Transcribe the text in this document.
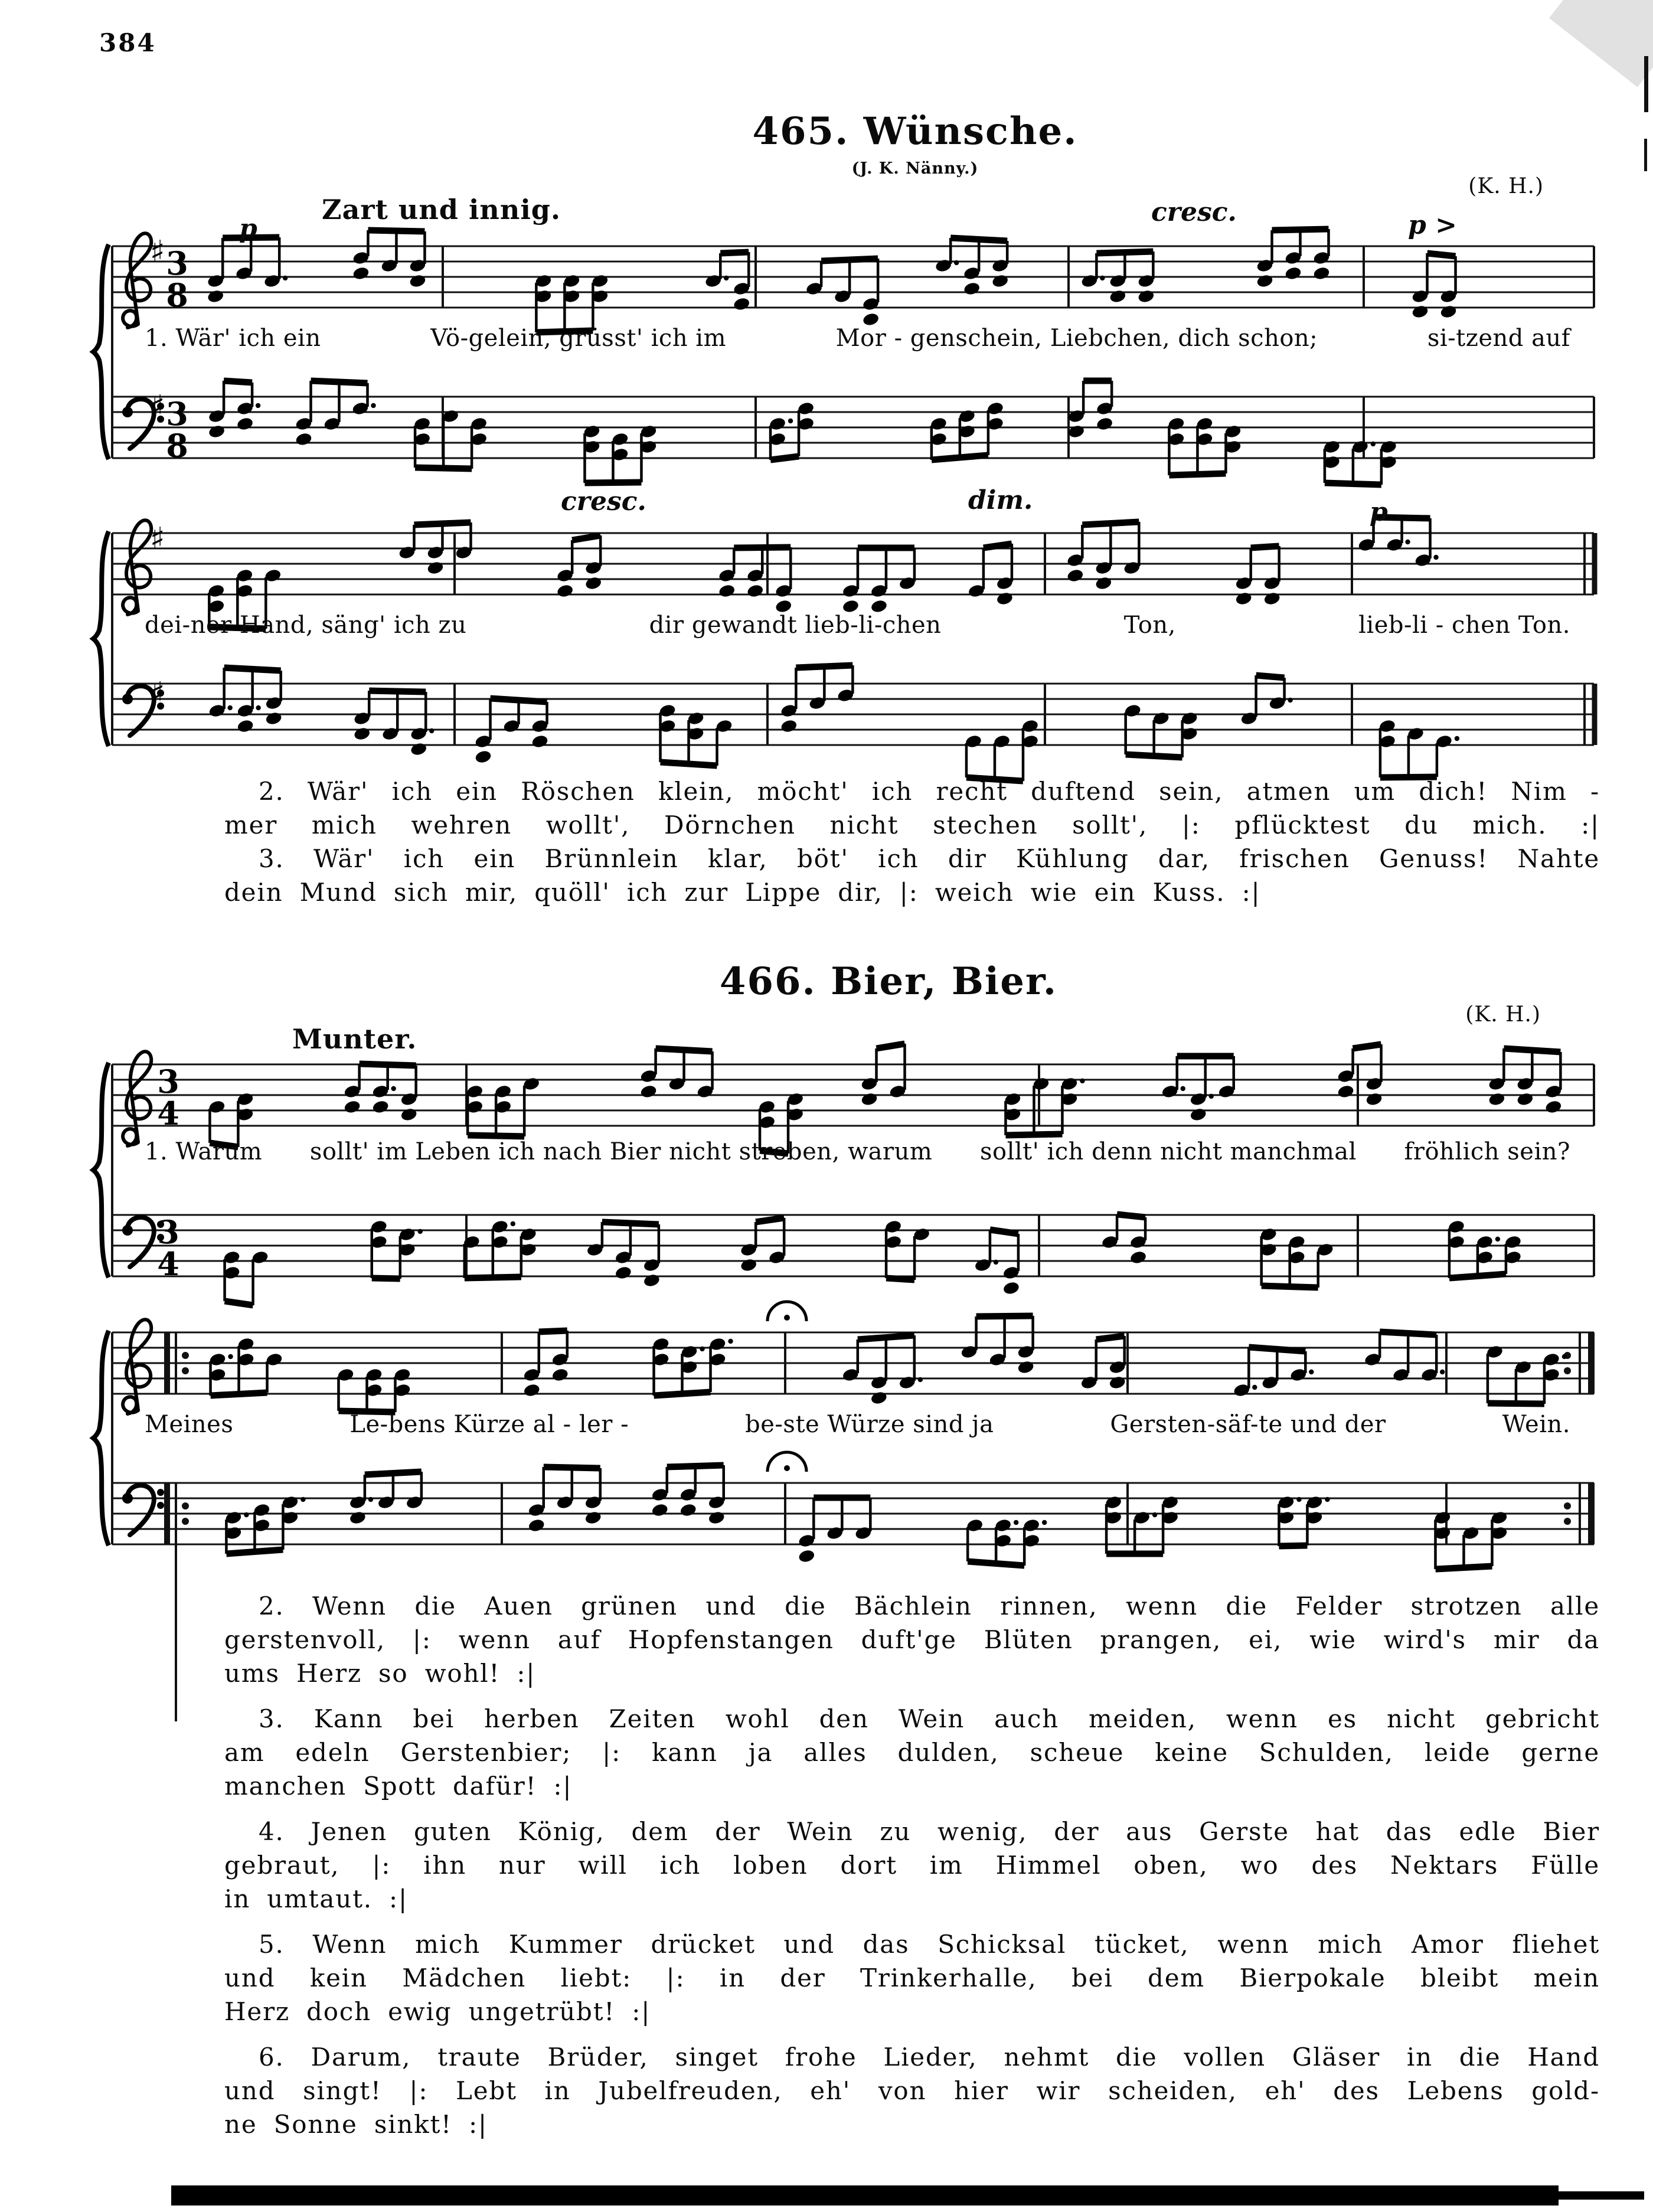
384
465. Wünsche.
(J. K. Nänny.)
(K. H.)
Zart und innig.
♯
♯
3
8
3
8
p
cresc.	p >
1. Wär' ich ein	Vö-gelein, grüsst' ich im	Mor - genschein, Liebchen, dich schon;	si-tzend auf
♯
♯
cresc.	dim.	p
dei-ner Hand, säng' ich zu	dir gewandt lieb-li-chen	Ton,	lieb-li - chen Ton.
2. Wär' ich ein Röschen klein, möcht' ich recht duftend sein, atmen um dich! Nim -
mer mich wehren wollt', Dörnchen nicht stechen sollt', |: pflücktest du mich. :|
3. Wär' ich ein Brünnlein klar, böt' ich dir Kühlung dar, frischen Genuss! Nahte
dein Mund sich mir, quöll' ich zur Lippe dir, |: weich wie ein Kuss. :|
466. Bier, Bier.
(K. H.)
Munter.
3
4
3
4
1. Warum sollt' im Leben ich nach Bier nicht streben, warum sollt' ich denn nicht manchmal fröhlich sein?
Meines	Le-bens Kürze al - ler -	be-ste Würze sind ja	Gersten-säf-te und der	Wein.
2. Wenn die Auen grünen und die Bächlein rinnen, wenn die Felder strotzen alle
gerstenvoll, |: wenn auf Hopfenstangen duft'ge Blüten prangen, ei, wie wird's mir da
ums Herz so wohl! :|
3. Kann bei herben Zeiten wohl den Wein auch meiden, wenn es nicht gebricht
am edeln Gerstenbier; |: kann ja alles dulden, scheue keine Schulden, leide gerne
manchen Spott dafür! :|
4. Jenen guten König, dem der Wein zu wenig, der aus Gerste hat das edle Bier
gebraut, |: ihn nur will ich loben dort im Himmel oben, wo des Nektars Fülle
in umtaut. :|
5. Wenn mich Kummer drücket und das Schicksal tücket, wenn mich Amor fliehet
und kein Mädchen liebt: |: in der Trinkerhalle, bei dem Bierpokale bleibt mein
Herz doch ewig ungetrübt! :|
6. Darum, traute Brüder, singet frohe Lieder, nehmt die vollen Gläser in die Hand
und singt! |: Lebt in Jubelfreuden, eh' von hier wir scheiden, eh' des Lebens gold-
ne Sonne sinkt! :|
